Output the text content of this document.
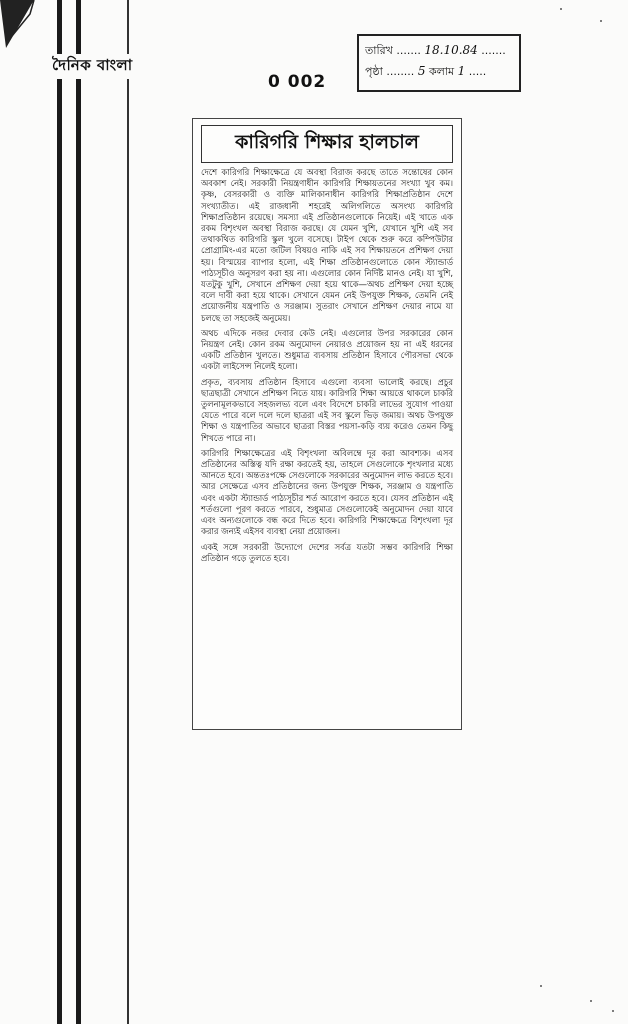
দৈনিক বাংলা
0 002
তারিখ ....... 18.10.84 .......
পৃষ্ঠা ........ 5 কলাম 1 .....
কারিগরি শিক্ষার হালচাল

দেশে কারিগরি শিক্ষাক্ষেত্রে যে অবস্থা বিরাজ করছে তাতে সন্তোষের কোন অবকাশ নেই। সরকারী নিয়ন্ত্রণাধীন কারিগরি শিক্ষায়তনের সংখ্যা খুব কম। কৃষ্ণ, বেসরকারী ও ব্যক্তি মালিকানাধীন কারিগরি শিক্ষাপ্রতিষ্ঠান দেশে সংখ্যাতীত। এই রাজধানী শহরেই অলিগলিতে অসংখ্য কারিগরি শিক্ষাপ্রতিষ্ঠান রয়েছে। সমস্যা এই প্রতিষ্ঠানগুলোকে নিয়েই। এই খাতে এক রকম বিশৃংখল অবস্থা বিরাজ করছে। যে যেমন খুশি, যেখানে খুশি এই সব তথাকথিত কারিগরি স্কুল খুলে বসেছে। টাইপ থেকে শুরু করে কম্পিউটার প্রোগ্রামিং-এর মতো জটিল বিষয়ও নাকি এই সব শিক্ষায়তনে প্রশিক্ষণ দেয়া হয়। বিস্ময়ের ব্যাপার হলো, এই শিক্ষা প্রতিষ্ঠানগুলোতে কোন স্ট্যান্ডার্ড পাঠ্যসূচীও অনুসরণ করা হয় না। এগুলোর কোন নির্দিষ্ট মানও নেই। যা খুশি, যতটুকু খুশি, সেখানে প্রশিক্ষণ দেয়া হয়ে থাকে—অথচ প্রশিক্ষণ দেয়া হচ্ছে বলে দাবী করা হয়ে থাকে। সেখানে যেমন নেই উপযুক্ত শিক্ষক, তেমনি নেই প্রয়োজনীয় যন্ত্রপাতি ও সরঞ্জাম। সুতরাং সেখানে প্রশিক্ষণ দেয়ার নামে যা চলছে তা সহজেই অনুমেয়।

অথচ এদিকে নজর দেবার কেউ নেই। এগুলোর উপর সরকারের কোন নিয়ন্ত্রণ নেই। কোন রকম অনুমোদন নেয়ারও প্রয়োজন হয় না এই ধরনের একটি প্রতিষ্ঠান খুলতে। শুধুমাত্র ব্যবসায় প্রতিষ্ঠান হিসাবে পৌরসভা থেকে একটা লাইসেন্স নিলেই হলো।

প্রকৃত, ব্যবসায় প্রতিষ্ঠান হিসাবে এগুলো ব্যবসা ভালোই করছে। প্রচুর ছাত্রছাত্রী সেখানে প্রশিক্ষণ নিতে যায়। কারিগরি শিক্ষা আয়ত্তে থাকলে চাকরি তুলনামূলকভাবে সহজলভ্য বলে এবং বিদেশে চাকরি লাভের সুযোগ পাওয়া যেতে পারে বলে দলে দলে ছাত্ররা এই সব স্কুলে ভিড় জমায়। অথচ উপযুক্ত শিক্ষা ও যন্ত্রপাতির অভাবে ছাত্ররা বিস্তর পয়সা-কড়ি ব্যয় করেও তেমন কিছু শিখতে পারে না।

কারিগরি শিক্ষাক্ষেত্রের এই বিশৃংখলা অবিলম্বে দূর করা আবশ্যক। এসব প্রতিষ্ঠানের অস্তিত্ব যদি রক্ষা করতেই হয়, তাহলে সেগুলোকে শৃংখলার মধ্যে আনতে হবে। অন্ততঃপক্ষে সেগুলোকে সরকারের অনুমোদন লাভ করতে হবে। আর সেক্ষেত্রে এসব প্রতিষ্ঠানের জন্য উপযুক্ত শিক্ষক, সরঞ্জাম ও যন্ত্রপাতি এবং একটা স্ট্যান্ডার্ড পাঠ্যসূচীর শর্ত আরোপ করতে হবে। যেসব প্রতিষ্ঠান এই শর্তগুলো পূরণ করতে পারবে, শুধুমাত্র সেগুলোকেই অনুমোদন দেয়া যাবে এবং অন্যগুলোকে বন্ধ করে দিতে হবে। কারিগরি শিক্ষাক্ষেত্রে বিশৃংখলা দূর করার জন্যই এইসব ব্যবস্থা নেয়া প্রয়োজন।

একই সঙ্গে সরকারী উদ্যোগে দেশের সর্বত্র যতটা সম্ভব কারিগরি শিক্ষা প্রতিষ্ঠান গড়ে তুলতে হবে।
